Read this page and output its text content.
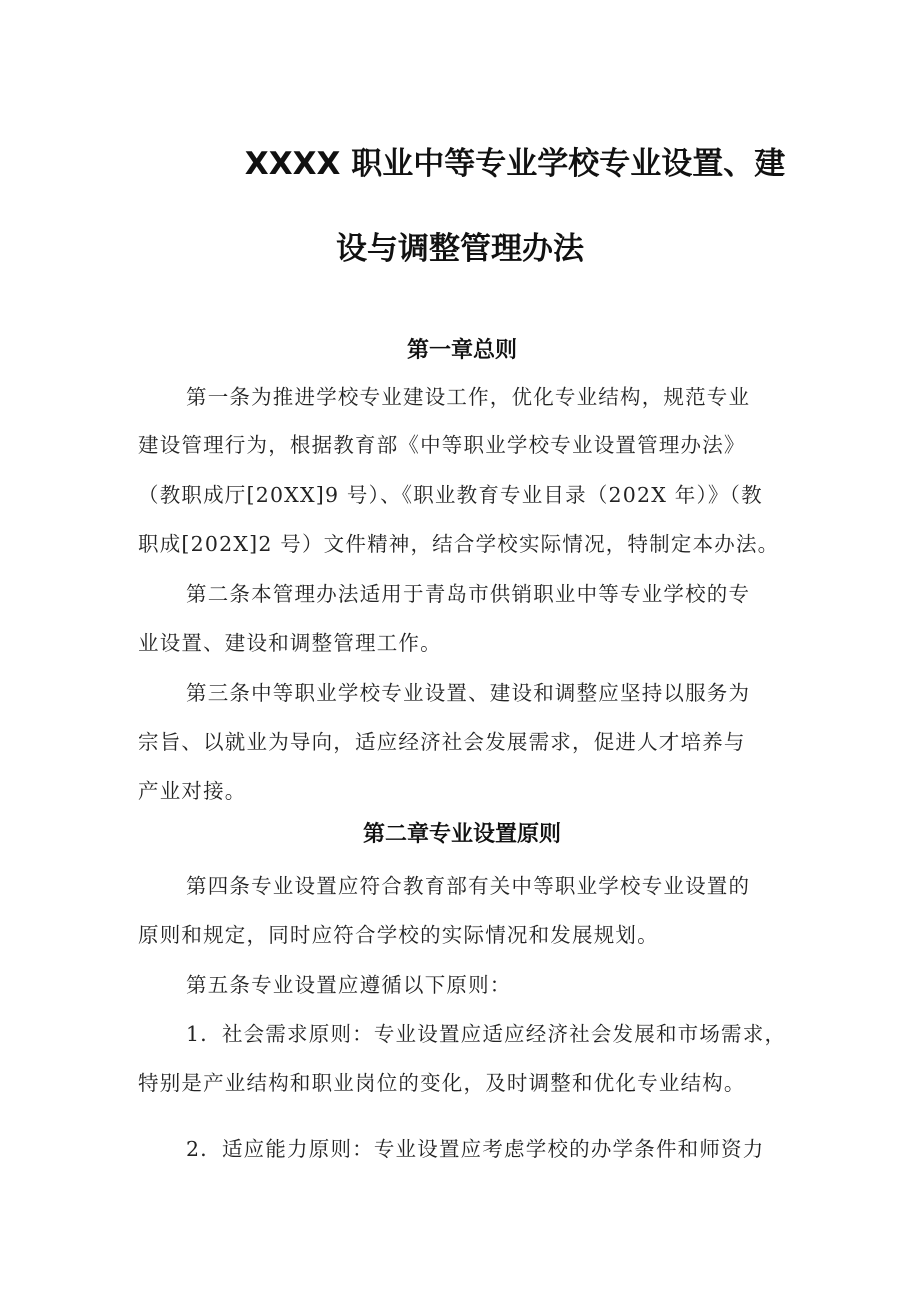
XXXX 职业中等专业学校专业设置、建
设与调整管理办法
第一章总则
第一条为推进学校专业建设工作，优化专业结构，规范专业
建设管理行为，根据教育部《中等职业学校专业设置管理办法》
（教职成厅[20XX]9 号）、《职业教育专业目录（202X 年）》（教
职成[202X]2 号）文件精神，结合学校实际情况，特制定本办法。
第二条本管理办法适用于青岛市供销职业中等专业学校的专
业设置、建设和调整管理工作。
第三条中等职业学校专业设置、建设和调整应坚持以服务为
宗旨、以就业为导向，适应经济社会发展需求，促进人才培养与
产业对接。
第二章专业设置原则
第四条专业设置应符合教育部有关中等职业学校专业设置的
原则和规定，同时应符合学校的实际情况和发展规划。
第五条专业设置应遵循以下原则：
1．社会需求原则：专业设置应适应经济社会发展和市场需求，
特别是产业结构和职业岗位的变化，及时调整和优化专业结构。
2．适应能力原则：专业设置应考虑学校的办学条件和师资力
